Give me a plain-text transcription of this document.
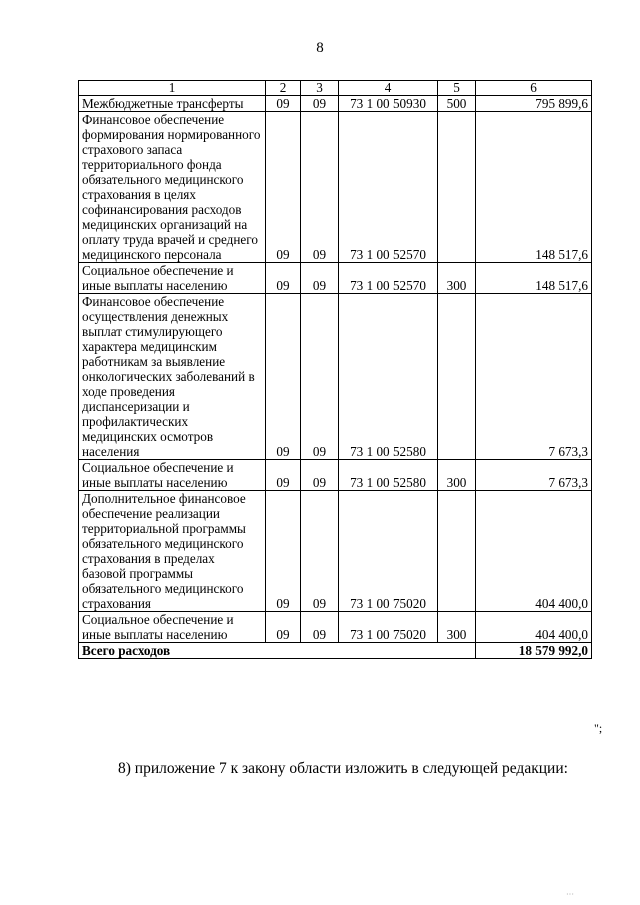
8
1	2	3	4	5	6
Межбюджетные трансферты	09	09	73 1 00 50930	500	795 899,6
Финансовое обеспечение формирования нормированного страхового запаса территориального фонда обязательного медицинского страхования в целях софинансирования расходов медицинских организаций на оплату труда врачей и среднего медицинского персонала	09	09	73 1 00 52570		148 517,6
Социальное обеспечение и иные выплаты населению	09	09	73 1 00 52570	300	148 517,6
Финансовое обеспечение осуществления денежных выплат стимулирующего характера медицинским работникам за выявление онкологических заболеваний в ходе проведения диспансеризации и профилактических медицинских осмотров населения	09	09	73 1 00 52580		7 673,3
Социальное обеспечение и иные выплаты населению	09	09	73 1 00 52580	300	7 673,3
Дополнительное финансовое обеспечение реализации территориальной программы обязательного медицинского страхования в пределах базовой программы обязательного медицинского страхования	09	09	73 1 00 75020		404 400,0
Социальное обеспечение и иные выплаты населению	09	09	73 1 00 75020	300	404 400,0
Всего расходов					18 579 992,0
";
8) приложение 7 к закону области изложить в следующей редакции:
···
